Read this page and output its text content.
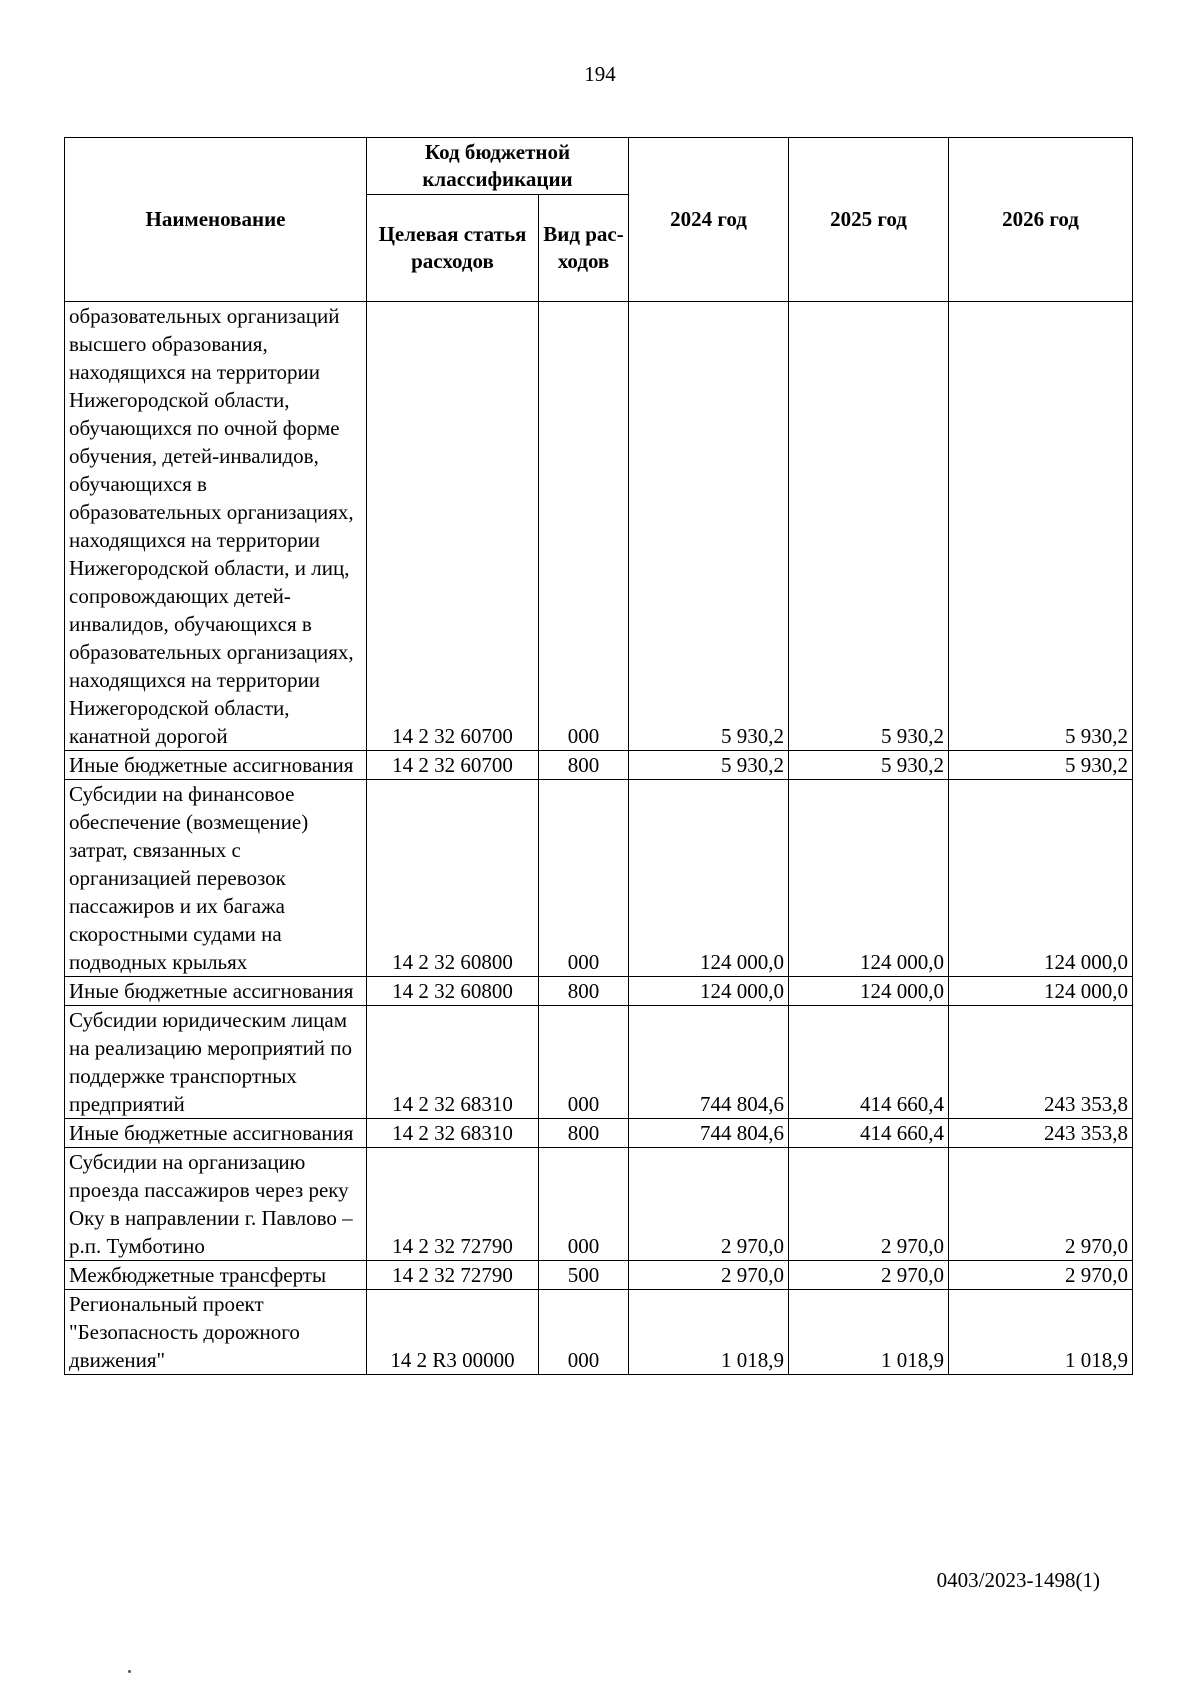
194
Наименование	Код бюджетной классификации		2024 год	2025 год	2026 год
	Целевая статья расходов	Вид рас-ходов			
образовательных организаций высшего образования, находящихся на территории Нижегородской области, обучающихся по очной форме обучения, детей-инвалидов, обучающихся в образовательных организациях, находящихся на территории Нижегородской области, и лиц, сопровождающих детей-инвалидов, обучающихся в образовательных организациях, находящихся на территории Нижегородской области, канатной дорогой	14 2 32 60700	000	5 930,2	5 930,2	5 930,2
Иные бюджетные ассигнования	14 2 32 60700	800	5 930,2	5 930,2	5 930,2
Субсидии на финансовое обеспечение (возмещение) затрат, связанных с организацией перевозок пассажиров и их багажа скоростными судами на подводных крыльях	14 2 32 60800	000	124 000,0	124 000,0	124 000,0
Иные бюджетные ассигнования	14 2 32 60800	800	124 000,0	124 000,0	124 000,0
Субсидии юридическим лицам на реализацию мероприятий по поддержке транспортных предприятий	14 2 32 68310	000	744 804,6	414 660,4	243 353,8
Иные бюджетные ассигнования	14 2 32 68310	800	744 804,6	414 660,4	243 353,8
Субсидии на организацию проезда пассажиров через реку Оку в направлении г. Павлово – р.п. Тумботино	14 2 32 72790	000	2 970,0	2 970,0	2 970,0
Межбюджетные трансферты	14 2 32 72790	500	2 970,0	2 970,0	2 970,0
Региональный проект "Безопасность дорожного движения"	14 2 R3 00000	000	1 018,9	1 018,9	1 018,9
0403/2023-1498(1)
